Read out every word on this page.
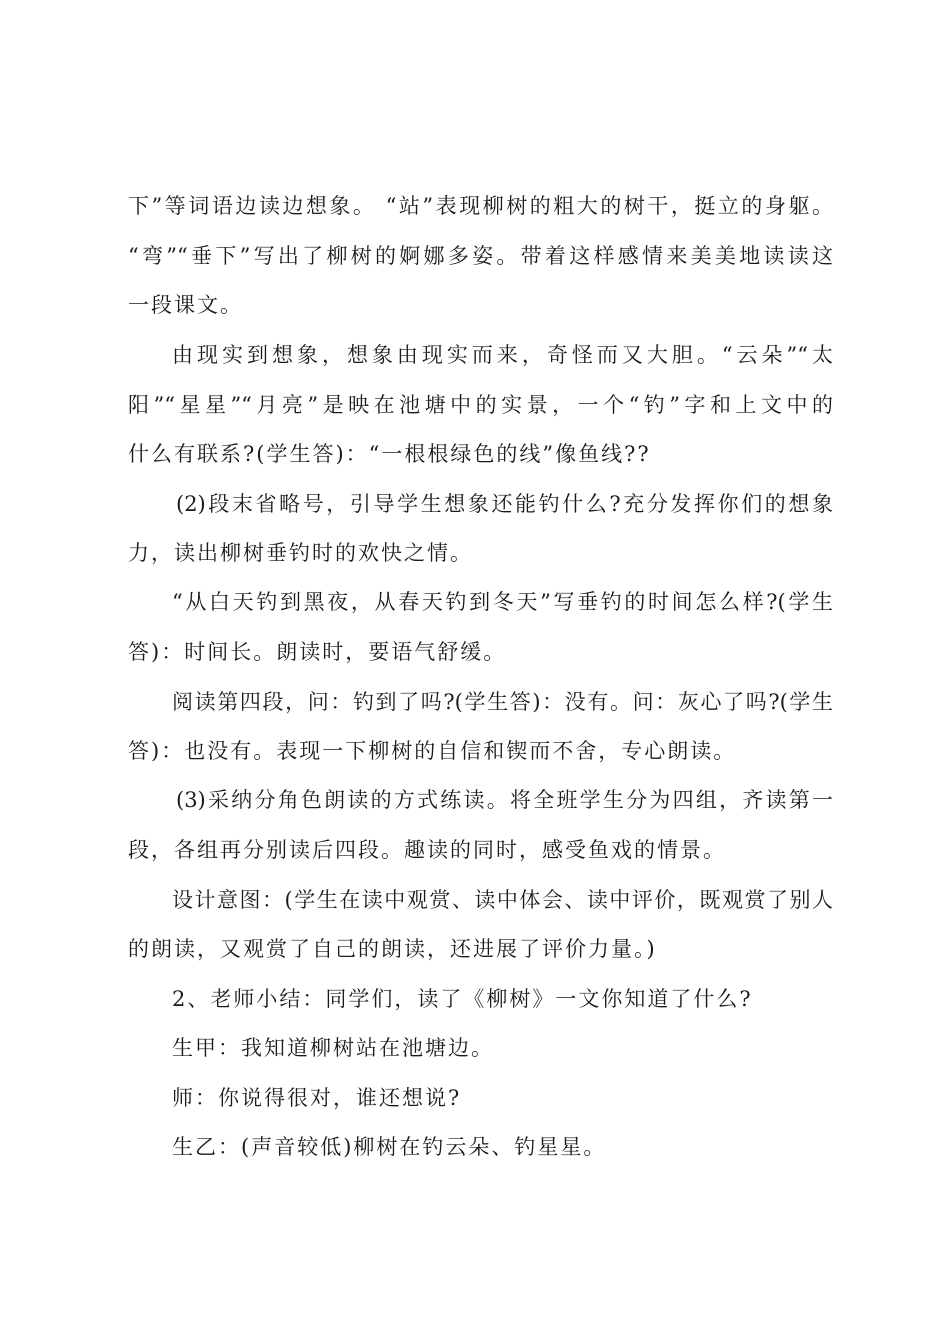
下”等词语边读边想象。 “站”表现柳树的粗大的树干，挺立的身躯。
“弯”“垂下”写出了柳树的婀娜多姿。带着这样感情来美美地读读这
一段课文。
由现实到想象，想象由现实而来，奇怪而又大胆。“云朵”“太
阳”“星星”“月亮”是映在池塘中的实景，一个“钓”字和上文中的
什么有联系?(学生答)：“一根根绿色的线”像鱼线??
(2)段末省略号，引导学生想象还能钓什么?充分发挥你们的想象
力，读出柳树垂钓时的欢快之情。
“从白天钓到黑夜，从春天钓到冬天”写垂钓的时间怎么样?(学生
答)：时间长。朗读时，要语气舒缓。
阅读第四段，问：钓到了吗?(学生答)：没有。问：灰心了吗?(学生
答)：也没有。表现一下柳树的自信和锲而不舍，专心朗读。
(3)采纳分角色朗读的方式练读。将全班学生分为四组，齐读第一
段，各组再分别读后四段。趣读的同时，感受鱼戏的情景。
设计意图：(学生在读中观赏、读中体会、读中评价，既观赏了别人
的朗读，又观赏了自己的朗读，还进展了评价力量。)
2、老师小结：同学们，读了《柳树》一文你知道了什么?
生甲：我知道柳树站在池塘边。
师：你说得很对，谁还想说?
生乙：(声音较低)柳树在钓云朵、钓星星。
